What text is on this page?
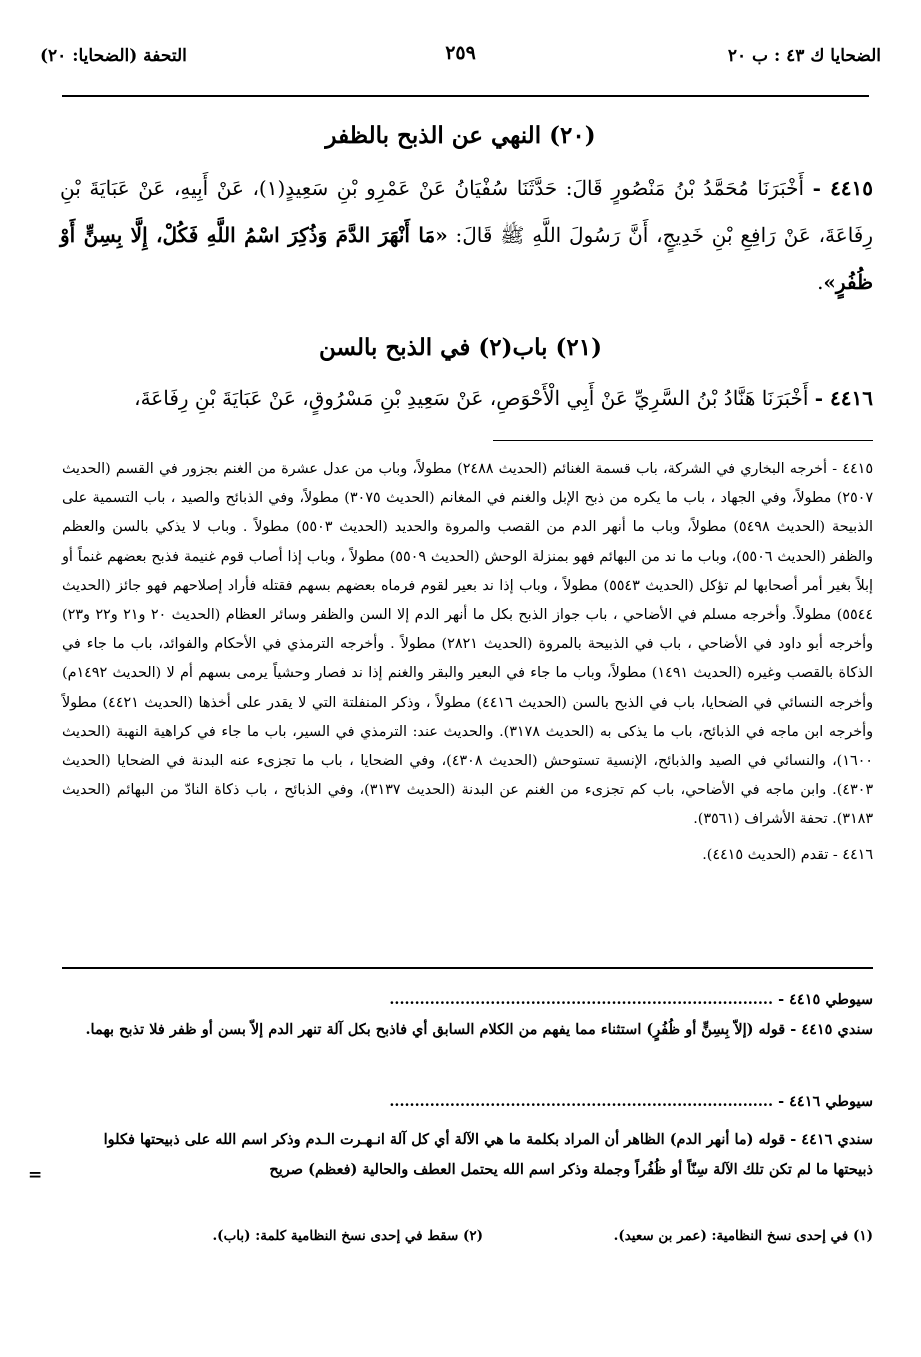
الضحايا ك ٤٣ : ب ٢٠
٢٥٩
التحفة (الضحايا: ٢٠)
(٢٠) النهي عن الذبح بالظفر

٤٤١٥ - أَخْبَرَنَا مُحَمَّدُ بْنُ مَنْصُورٍ قَالَ: حَدَّثَنَا سُفْيَانُ عَنْ عَمْرِو بْنِ سَعِيدٍ(١)، عَنْ أَبِيهِ، عَنْ عَبَايَةَ بْنِ رِفَاعَةَ، عَنْ رَافِعِ بْنِ خَدِيجٍ، أَنَّ رَسُولَ اللَّهِ ﷺ قَالَ: «مَا أَنْهَرَ الدَّمَ وَذُكِرَ اسْمُ اللَّهِ فَكُلْ، إِلَّا بِسِنٍّ أَوْ ظُفُرٍ».

(٢١) باب(٢) في الذبح بالسن

٤٤١٦ - أَخْبَرَنَا هَنَّادُ بْنُ السَّرِيِّ عَنْ أَبِي الْأَحْوَصِ، عَنْ سَعِيدِ بْنِ مَسْرُوقٍ، عَنْ عَبَايَةَ بْنِ رِفَاعَةَ،

٤٤١٥ - أخرجه البخاري في الشركة، باب قسمة الغنائم (الحديث ٢٤٨٨) مطولاً، وباب من عدل عشرة من الغنم بجزور في القسم (الحديث ٢٥٠٧) مطولاً، وفي الجهاد ، باب ما يكره من ذبح الإبل والغنم في المغانم (الحديث ٣٠٧٥) مطولاً، وفي الذبائح والصيد ، باب التسمية على الذبيحة (الحديث ٥٤٩٨) مطولاً، وباب ما أنهر الدم من القصب والمروة والحديد (الحديث ٥٥٠٣) مطولاً . وباب لا يذكي بالسن والعظم والظفر (الحديث ٥٥٠٦)، وباب ما ند من البهائم فهو بمنزلة الوحش (الحديث ٥٥٠٩) مطولاً ، وباب إذا أصاب قوم غنيمة فذبح بعضهم غنماً أو إبلاً بغير أمر أصحابها لم تؤكل (الحديث ٥٥٤٣) مطولاً ، وباب إذا ند بعير لقوم فرماه بعضهم بسهم فقتله فأراد إصلاحهم فهو جائز (الحديث ٥٥٤٤) مطولاً. وأخرجه مسلم في الأضاحي ، باب جواز الذبح بكل ما أنهر الدم إلا السن والظفر وسائر العظام (الحديث ٢٠ و٢١ و٢٢ و٢٣) وأخرجه أبو داود في الأضاحي ، باب في الذبيحة بالمروة (الحديث ٢٨٢١) مطولاً . وأخرجه الترمذي في الأحكام والفوائد، باب ما جاء في الذكاة بالقصب وغيره (الحديث ١٤٩١) مطولاً، وباب ما جاء في البعير والبقر والغنم إذا ند فصار وحشياً يرمى بسهم أم لا (الحديث ١٤٩٢م) وأخرجه النسائي في الضحايا، باب في الذبح بالسن (الحديث ٤٤١٦) مطولاً ، وذكر المنفلتة التي لا يقدر على أخذها (الحديث ٤٤٢١) مطولاً وأخرجه ابن ماجه في الذبائح، باب ما يذكى به (الحديث ٣١٧٨). والحديث عند: الترمذي في السير، باب ما جاء في كراهية النهبة (الحديث ١٦٠٠)، والنسائي في الصيد والذبائح، الإنسية تستوحش (الحديث ٤٣٠٨)، وفي الضحايا ، باب ما تجزىء عنه البدنة في الضحايا (الحديث ٤٣٠٣). وابن ماجه في الأضاحي، باب كم تجزىء من الغنم عن البدنة (الحديث ٣١٣٧)، وفي الذبائح ، باب ذكاة النادّ من البهائم (الحديث ٣١٨٣). تحفة الأشراف (٣٥٦١).

٤٤١٦ - تقدم (الحديث ٤٤١٥).

سيوطي ٤٤١٥ - ............................................................................
سندي ٤٤١٥ - قوله (إلاّ بِسِنٍّ أو ظُفُرٍ) استثناء مما يفهم من الكلام السابق أي فاذبح بكل آلة تنهر الدم إلاّ بسن أو ظفر فلا تذبح بهما.
سيوطي ٤٤١٦ - ............................................................................
سندي ٤٤١٦ - قوله (ما أنهر الدم) الظاهر أن المراد بكلمة ما هي الآلة أي كل آلة انـهـرت الـدم وذكر اسم الله على ذبيحتها فكلوا ذبيحتها ما لم تكن تلك الآلة سِنّاً أو ظُفُراً وجملة وذكر اسم الله يحتمل العطف والحالية (فعظم) صريح
=
(١) في إحدى نسخ النظامية: (عمر بن سعيد).
(٢) سقط في إحدى نسخ النظامية كلمة: (باب).
